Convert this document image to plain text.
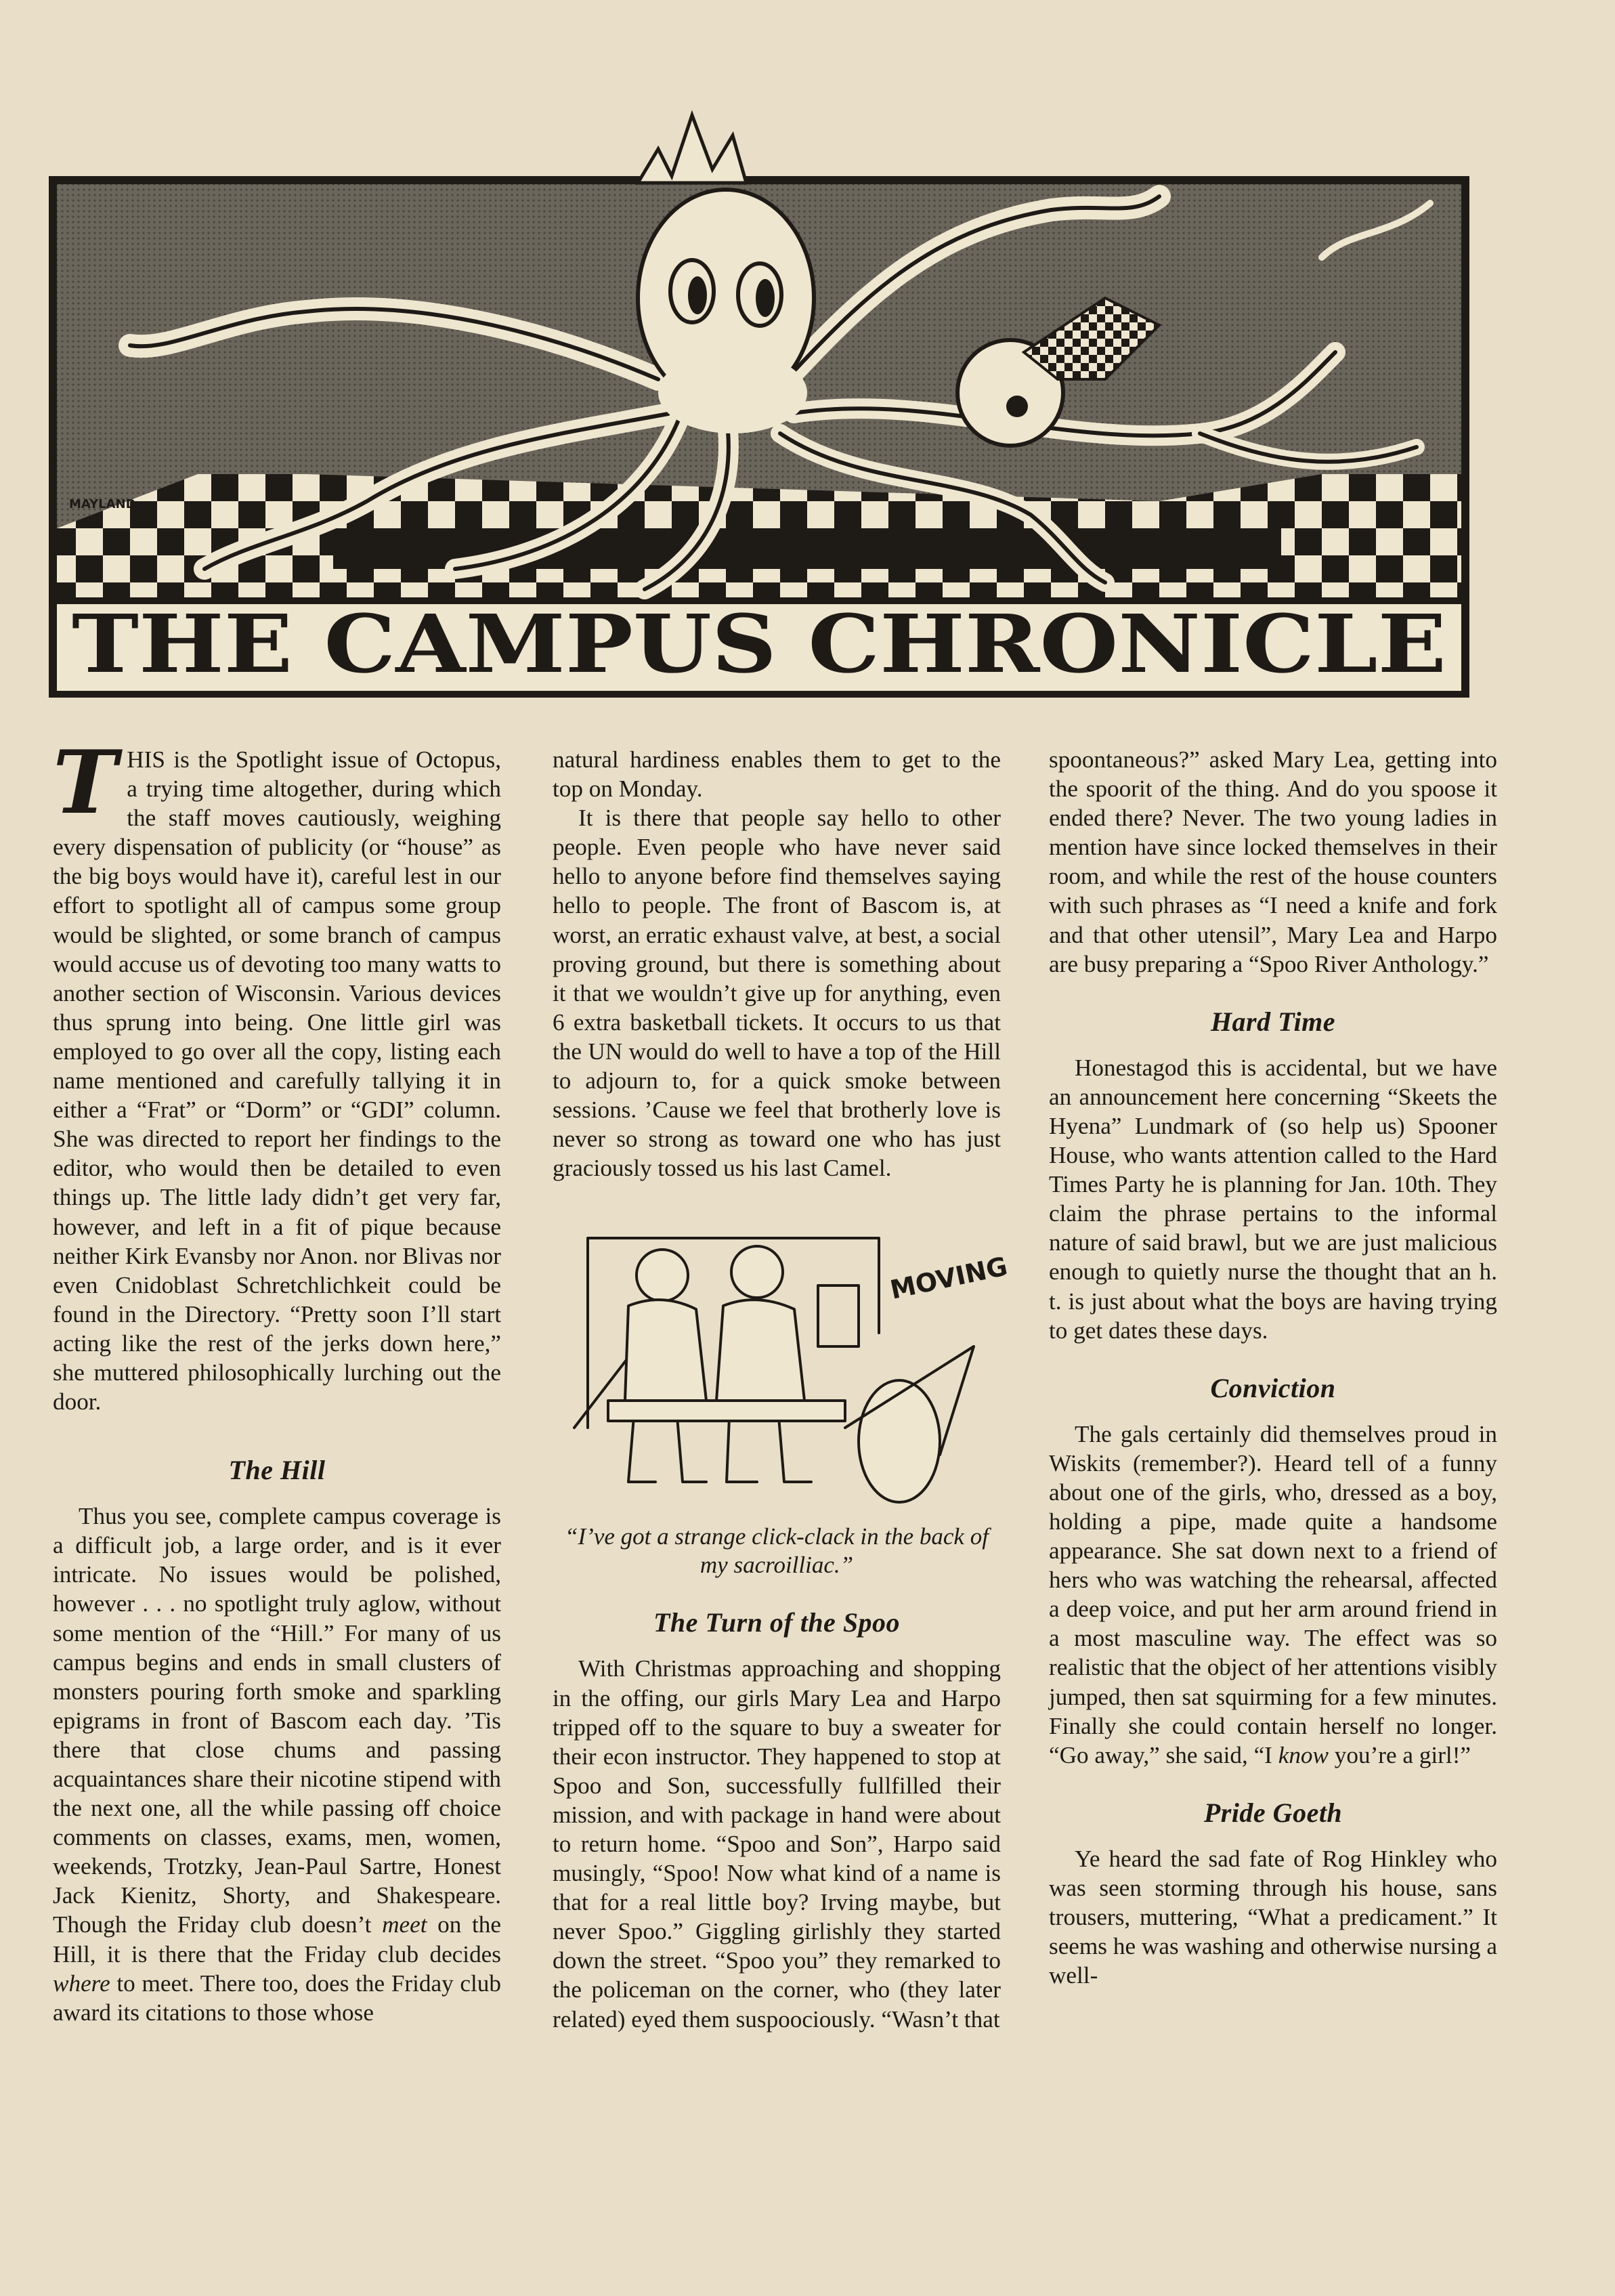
MAYLAND
THE CAMPUS CHRONICLE

THIS is the Spotlight issue of Octopus, a trying time altogether, during which the staff moves cautiously, weighing every dispensation of publicity (or “house” as the big boys would have it), careful lest in our effort to spotlight all of campus some group would be slighted, or some branch of campus would accuse us of devoting too many watts to another section of Wisconsin. Various devices thus sprung into being. One little girl was employed to go over all the copy, listing each name mentioned and carefully tallying it in either a “Frat” or “Dorm” or “GDI” column. She was directed to report her findings to the editor, who would then be detailed to even things up. The little lady didn’t get very far, however, and left in a fit of pique because neither Kirk Evansby nor Anon. nor Blivas nor even Cnidoblast Schretchlichkeit could be found in the Directory. “Pretty soon I’ll start acting like the rest of the jerks down here,” she muttered philosophically lurching out the door.

The Hill

Thus you see, complete campus coverage is a difficult job, a large order, and is it ever intricate. No issues would be polished, however . . . no spotlight truly aglow, without some mention of the “Hill.” For many of us campus begins and ends in small clusters of monsters pouring forth smoke and sparkling epigrams in front of Bascom each day. ’Tis there that close chums and passing acquaintances share their nicotine stipend with the next one, all the while passing off choice comments on classes, exams, men, women, weekends, Trotzky, Jean-Paul Sartre, Honest Jack Kienitz, Shorty, and Shakespeare. Though the Friday club doesn’t meet on the Hill, it is there that the Friday club decides where to meet. There too, does the Friday club award its citations to those whose

natural hardiness enables them to get to the top on Monday.

It is there that people say hello to other people. Even people who have never said hello to anyone before find themselves saying hello to people. The front of Bascom is, at worst, an erratic exhaust valve, at best, a social proving ground, but there is something about it that we wouldn’t give up for anything, even 6 extra basketball tickets. It occurs to us that the UN would do well to have a top of the Hill to adjourn to, for a quick smoke between sessions. ’Cause we feel that brotherly love is never so strong as toward one who has just graciously tossed us his last Camel.

MOVING

“I’ve got a strange click-clack in the back of my sacroilliac.”

The Turn of the Spoo

With Christmas approaching and shopping in the offing, our girls Mary Lea and Harpo tripped off to the square to buy a sweater for their econ instructor. They happened to stop at Spoo and Son, successfully fullfilled their mission, and with package in hand were about to return home. “Spoo and Son”, Harpo said musingly, “Spoo! Now what kind of a name is that for a real little boy? Irving maybe, but never Spoo.” Giggling girlishly they started down the street. “Spoo you” they remarked to the policeman on the corner, who (they later related) eyed them suspoociously. “Wasn’t that

spoontaneous?” asked Mary Lea, getting into the spoorit of the thing. And do you spoose it ended there? Never. The two young ladies in mention have since locked themselves in their room, and while the rest of the house counters with such phrases as “I need a knife and fork and that other utensil”, Mary Lea and Harpo are busy preparing a “Spoo River Anthology.”

Hard Time

Honestagod this is accidental, but we have an announcement here concerning “Skeets the Hyena” Lundmark of (so help us) Spooner House, who wants attention called to the Hard Times Party he is planning for Jan. 10th. They claim the phrase pertains to the informal nature of said brawl, but we are just malicious enough to quietly nurse the thought that an h. t. is just about what the boys are having trying to get dates these days.

Conviction

The gals certainly did themselves proud in Wiskits (remember?). Heard tell of a funny about one of the girls, who, dressed as a boy, holding a pipe, made quite a handsome appearance. She sat down next to a friend of hers who was watching the rehearsal, affected a deep voice, and put her arm around friend in a most masculine way. The effect was so realistic that the object of her attentions visibly jumped, then sat squirming for a few minutes. Finally she could contain herself no longer. “Go away,” she said, “I know you’re a girl!”

Pride Goeth

Ye heard the sad fate of Rog Hinkley who was seen storming through his house, sans trousers, muttering, “What a predicament.” It seems he was washing and otherwise nursing a well-
